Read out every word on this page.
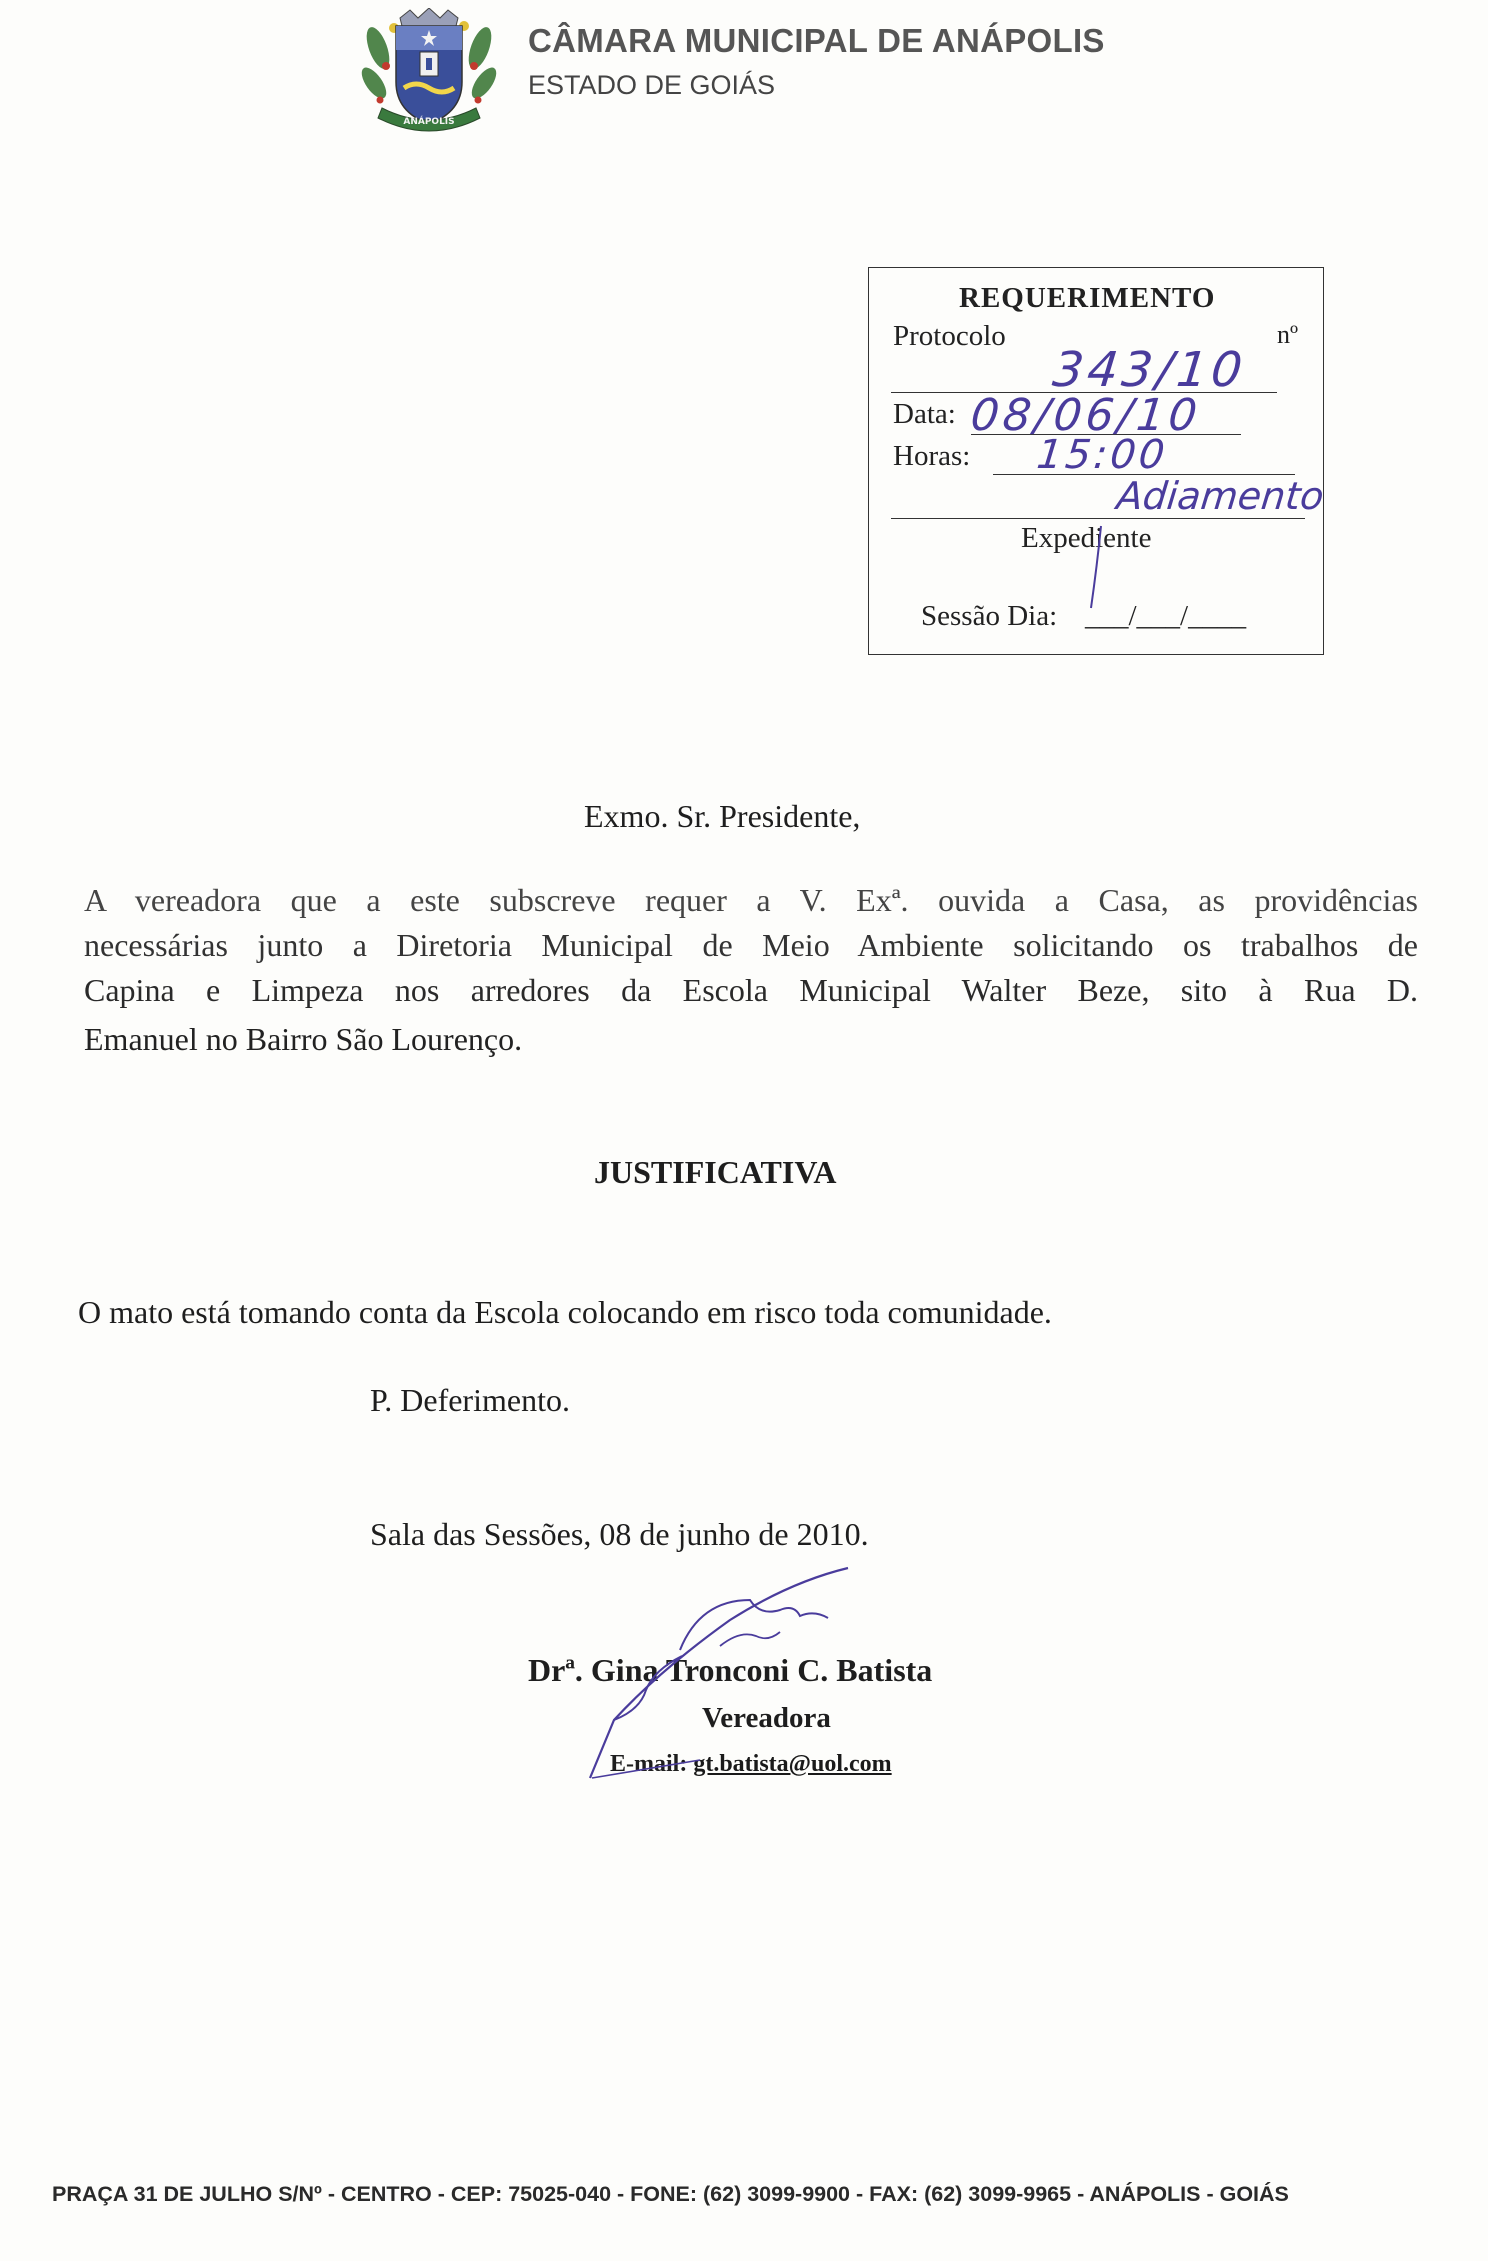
ANÁPOLIS
CÂMARA MUNICIPAL DE ANÁPOLIS
ESTADO DE GOIÁS
REQUERIMENTO
Protocolo	nº
343/10
Data: 08/06/10
Horas: 15:00
Adiamento
Expediente
Sessão Dia: ___/___/____
Exmo. Sr. Presidente,
A vereadora que a este subscreve requer a V. Exª. ouvida a Casa, as providências
necessárias junto a Diretoria Municipal de Meio Ambiente solicitando os trabalhos de
Capina e Limpeza nos arredores da Escola Municipal Walter Beze, sito à Rua D.
Emanuel no Bairro São Lourenço.
JUSTIFICATIVA
O mato está tomando conta da Escola colocando em risco toda comunidade.
P. Deferimento.
Sala das Sessões, 08 de junho de 2010.
Drª. Gina Tronconi C. Batista
Vereadora
E-mail: gt.batista@uol.com
PRAÇA 31 DE JULHO S/Nº - CENTRO - CEP: 75025-040 - FONE: (62) 3099-9900 - FAX: (62) 3099-9965 - ANÁPOLIS - GOIÁS
